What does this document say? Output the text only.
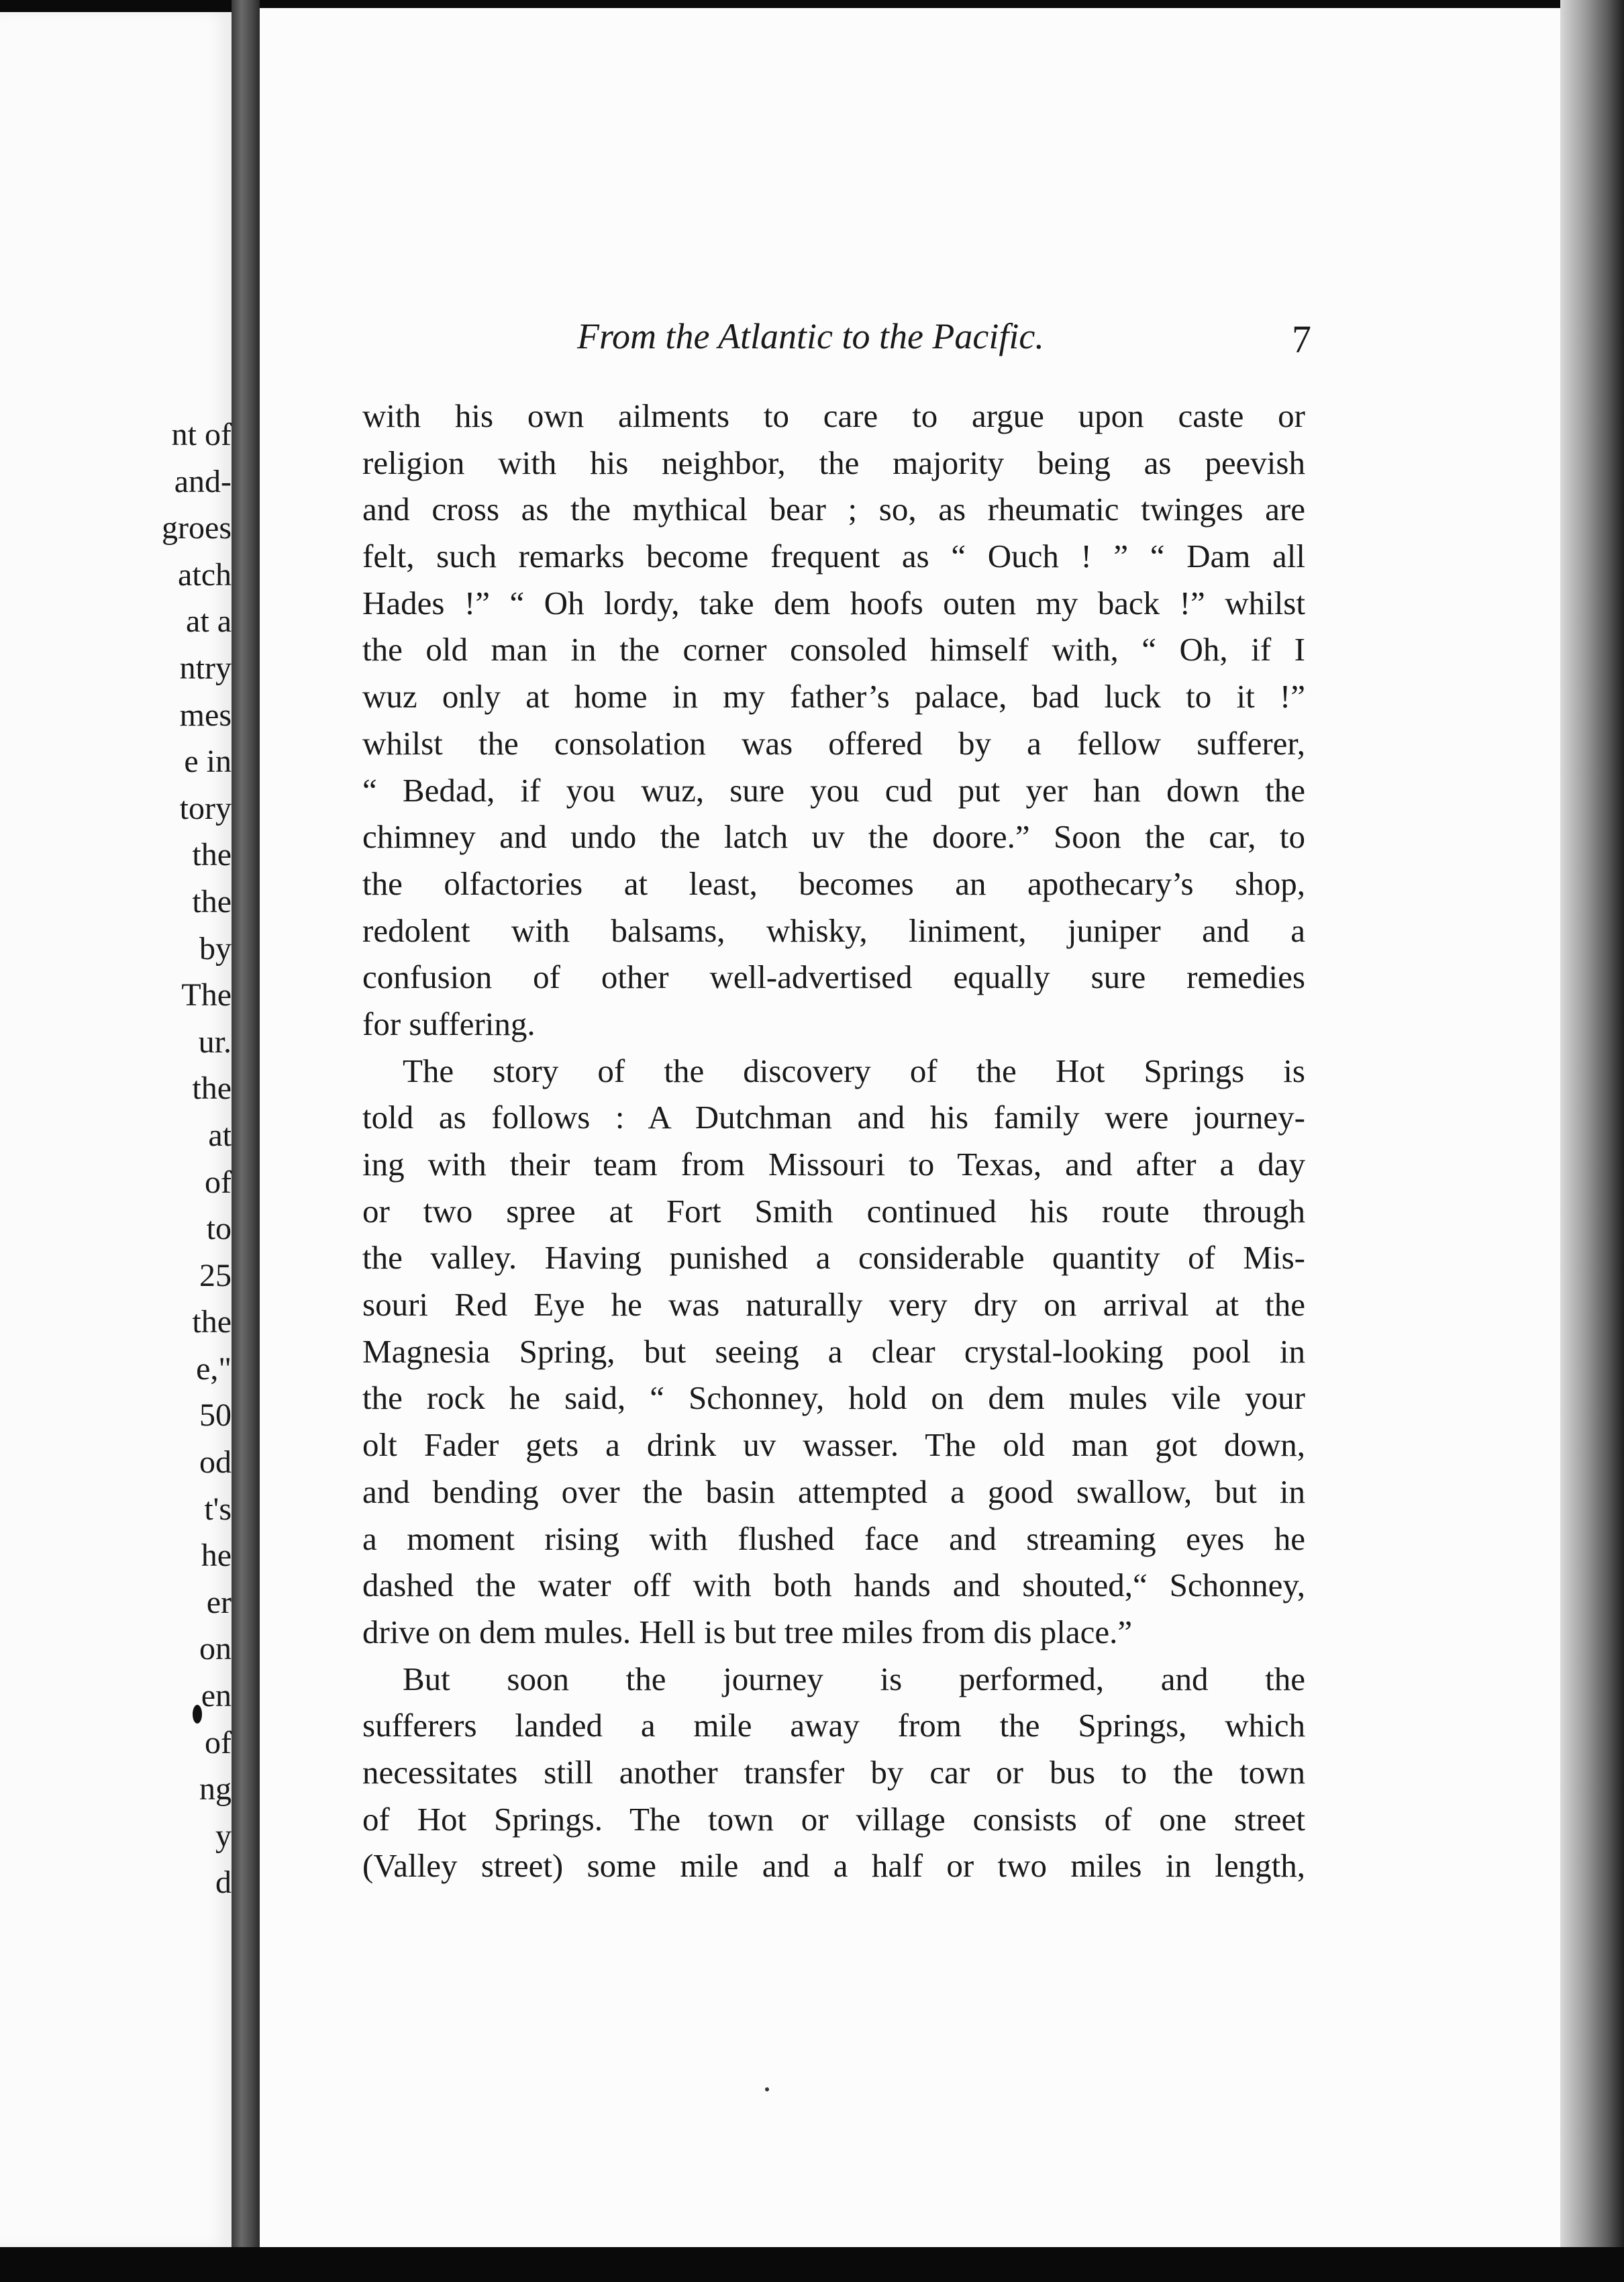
nt of
and-
groes
atch
at a
ntry
mes
e in
tory
the
the
by
The
ur.
the
at
of
to
25
the
e,"
50
od
t's
he
er
on
en
of
ng
y
d
From the Atlantic to the Pacific.	7
with his own ailments to care to argue upon caste or
religion with his neighbor, the majority being as peevish
and cross as the mythical bear ; so, as rheumatic twinges are
felt, such remarks become frequent as “ Ouch ! ” “ Dam all
Hades !” “ Oh lordy, take dem hoofs outen my back !” whilst
the old man in the corner consoled himself with, “ Oh, if I
wuz only at home in my father’s palace, bad luck to it !”
whilst the consolation was offered by a fellow sufferer,
“ Bedad, if you wuz, sure you cud put yer han down the
chimney and undo the latch uv the doore.” Soon the car, to
the olfactories at least, becomes an apothecary’s shop,
redolent with balsams, whisky, liniment, juniper and a
confusion of other well-advertised equally sure remedies
for suffering.
The story of the discovery of the Hot Springs is
told as follows : A Dutchman and his family were journey-
ing with their team from Missouri to Texas, and after a day
or two spree at Fort Smith continued his route through
the valley. Having punished a considerable quantity of Mis-
souri Red Eye he was naturally very dry on arrival at the
Magnesia Spring, but seeing a clear crystal-looking pool in
the rock he said, “ Schonney, hold on dem mules vile your
olt Fader gets a drink uv wasser. The old man got down,
and bending over the basin attempted a good swallow, but in
a moment rising with flushed face and streaming eyes he
dashed the water off with both hands and shouted,“ Schonney,
drive on dem mules. Hell is but tree miles from dis place.”
But soon the journey is performed, and the
sufferers landed a mile away from the Springs, which
necessitates still another transfer by car or bus to the town
of Hot Springs. The town or village consists of one street
(Valley street) some mile and a half or two miles in length,
